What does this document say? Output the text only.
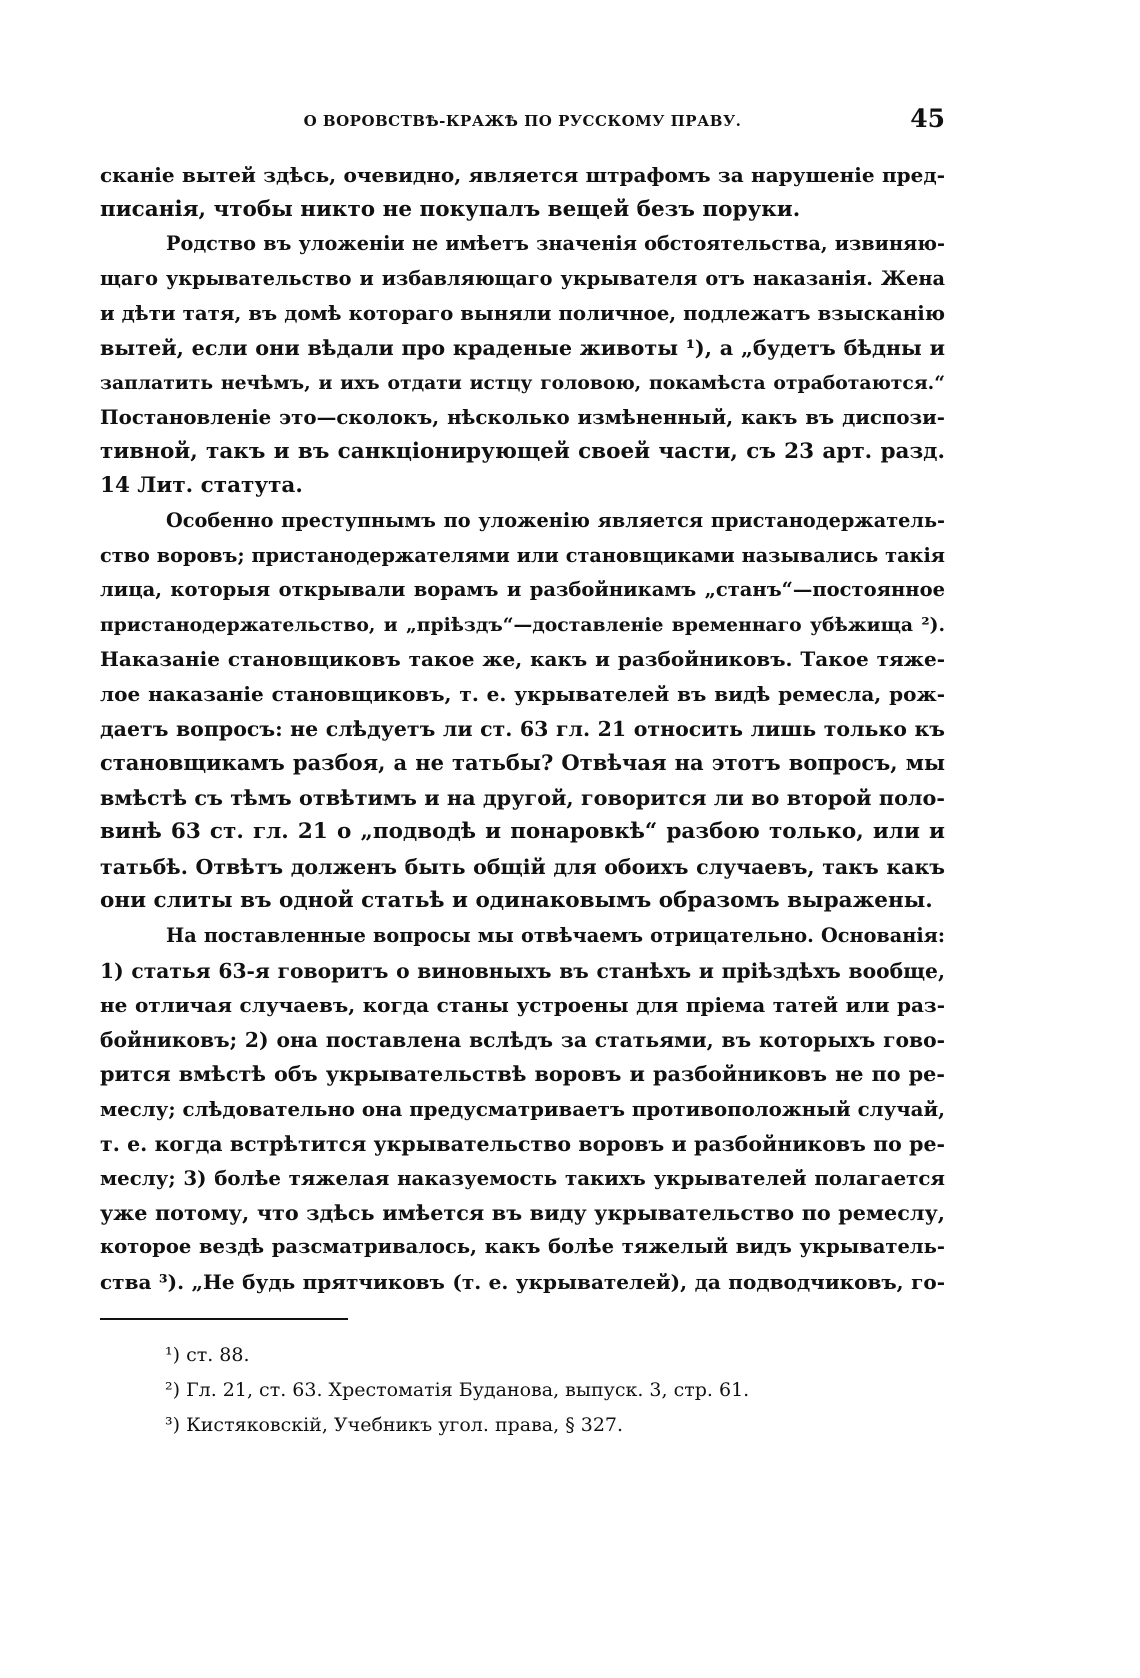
О ВОРОВСТВѢ-КРАЖѢ ПО РУССКОМУ ПРАВУ.	45
сканіе вытей здѣсь, очевидно, является штрафомъ за нарушеніе пред-
писанія, чтобы никто не покупалъ вещей безъ поруки.
Родство въ уложеніи не имѣетъ значенія обстоятельства, извиняю-
щаго укрывательство и избавляющаго укрывателя отъ наказанія. Жена
и дѣти татя, въ домѣ котораго выняли поличное, подлежатъ взысканію
вытей, если они вѣдали про краденые животы ¹), а „будетъ бѣдны и
заплатить нечѣмъ, и ихъ отдати истцу головою, покамѣста отработаются.“
Постановленіе это—сколокъ, нѣсколько измѣненный, какъ въ диспози-
тивной, такъ и въ санкціонирующей своей части, съ 23 арт. разд.
14 Лит. статута.
Особенно преступнымъ по уложенію является пристанодержатель-
ство воровъ; пристанодержателями или становщиками назывались такія
лица, которыя открывали ворамъ и разбойникамъ „станъ“—постоянное
пристанодержательство, и „пріѣздъ“—доставленіе временнаго убѣжища ²).
Наказаніе становщиковъ такое же, какъ и разбойниковъ. Такое тяже-
лое наказаніе становщиковъ, т. е. укрывателей въ видѣ ремесла, рож-
даетъ вопросъ: не слѣдуетъ ли ст. 63 гл. 21 относить лишь только къ
становщикамъ разбоя, а не татьбы? Отвѣчая на этотъ вопросъ, мы
вмѣстѣ съ тѣмъ отвѣтимъ и на другой, говорится ли во второй поло-
винѣ 63 ст. гл. 21 о „подводѣ и понаровкѣ“ разбою только, или и
татьбѣ. Отвѣтъ долженъ быть общій для обоихъ случаевъ, такъ какъ
они слиты въ одной статьѣ и одинаковымъ образомъ выражены.
На поставленные вопросы мы отвѣчаемъ отрицательно. Основанія:
1) статья 63-я говоритъ о виновныхъ въ станѣхъ и пріѣздѣхъ вообще,
не отличая случаевъ, когда станы устроены для пріема татей или раз-
бойниковъ; 2) она поставлена вслѣдъ за статьями, въ которыхъ гово-
рится вмѣстѣ объ укрывательствѣ воровъ и разбойниковъ не по ре-
меслу; слѣдовательно она предусматриваетъ противоположный случай,
т. е. когда встрѣтится укрывательство воровъ и разбойниковъ по ре-
меслу; 3) болѣе тяжелая наказуемость такихъ укрывателей полагается
уже потому, что здѣсь имѣется въ виду укрывательство по ремеслу,
которое вездѣ разсматривалось, какъ болѣе тяжелый видъ укрыватель-
ства ³). „Не будь прятчиковъ (т. е. укрывателей), да подводчиковъ, го-
¹) ст. 88.
²) Гл. 21, ст. 63. Хрестоматія Буданова, выпуск. 3, стр. 61.
³) Кистяковскій, Учебникъ угол. права, § 327.
